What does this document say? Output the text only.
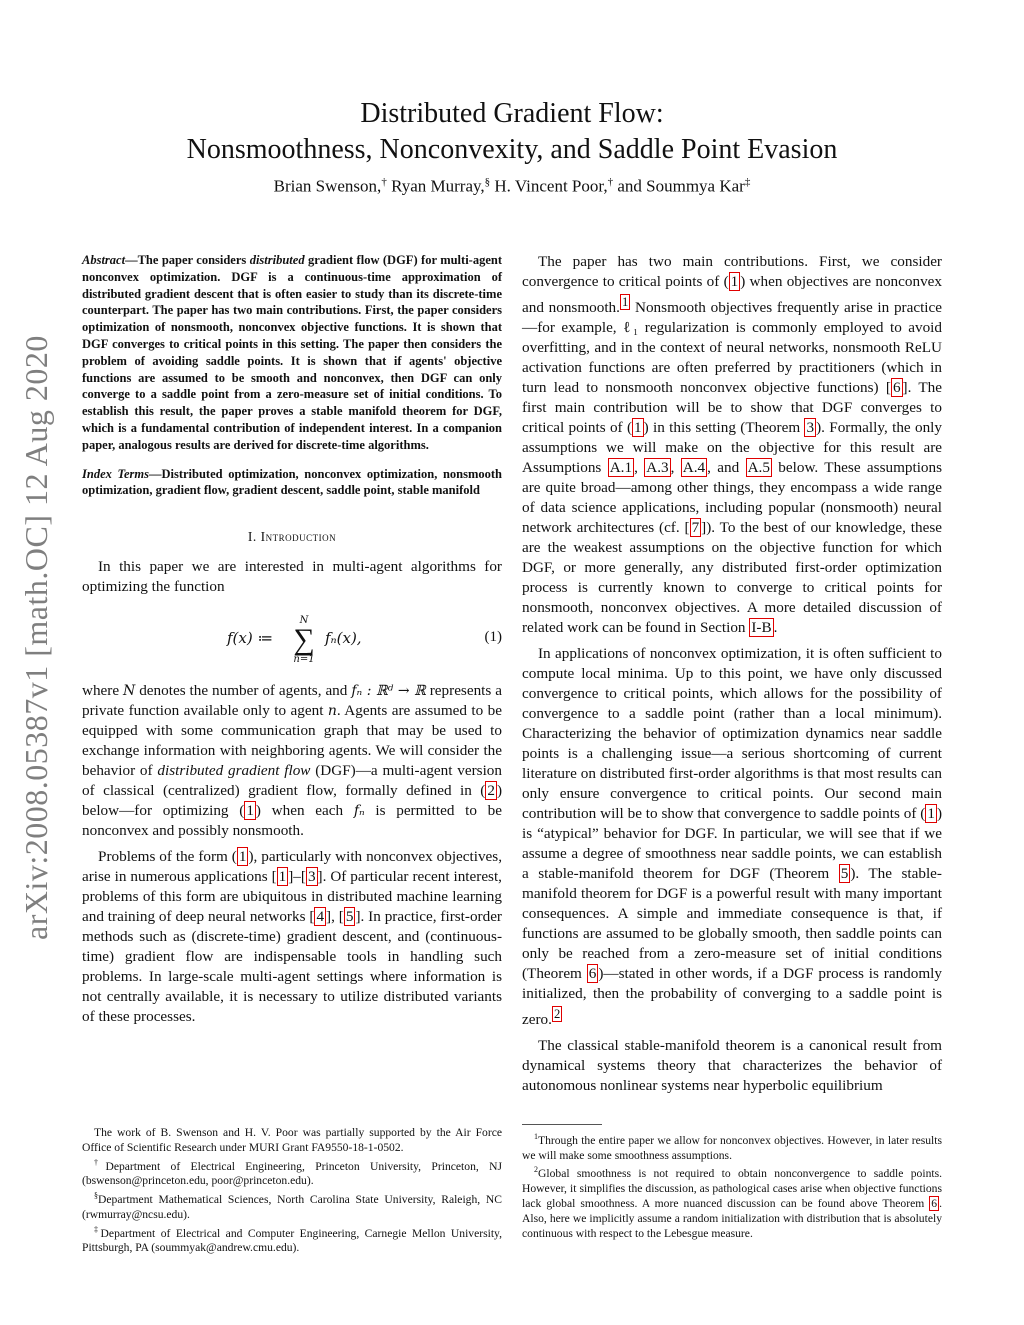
arXiv:2008.05387v1 [math.OC] 12 Aug 2020
Distributed Gradient Flow:
Nonsmoothness, Nonconvexity, and Saddle Point Evasion
Brian Swenson,† Ryan Murray,§ H. Vincent Poor,† and Soummya Kar‡
Abstract—The paper considers distributed gradient flow (DGF) for multi-agent nonconvex optimization. DGF is a continuous-time approximation of distributed gradient descent that is often easier to study than its discrete-time counterpart. The paper has two main contributions. First, the paper considers optimization of nonsmooth, nonconvex objective functions. It is shown that DGF converges to critical points in this setting. The paper then considers the problem of avoiding saddle points. It is shown that if agents' objective functions are assumed to be smooth and nonconvex, then DGF can only converge to a saddle point from a zero-measure set of initial conditions. To establish this result, the paper proves a stable manifold theorem for DGF, which is a fundamental contribution of independent interest. In a companion paper, analogous results are derived for discrete-time algorithms.
Index Terms—Distributed optimization, nonconvex optimization, nonsmooth optimization, gradient flow, gradient descent, saddle point, stable manifold
I. Introduction

In this paper we are interested in multi-agent algorithms for optimizing the function

f(x) ≔
N
∑
n=1
fₙ(x),	(1)

where N denotes the number of agents, and fₙ : ℝᵈ → ℝ represents a private function available only to agent n. Agents are assumed to be equipped with some communication graph that may be used to exchange information with neighboring agents. We will consider the behavior of distributed gradient flow (DGF)—a multi-agent version of classical (centralized) gradient flow, formally defined in ( 2 ) below—for optimizing ( 1 ) when each fₙ is permitted to be nonconvex and possibly nonsmooth.

Problems of the form ( 1 ), particularly with nonconvex objectives, arise in numerous applications [ 1 ]–[ 3 ]. Of particular recent interest, problems of this form are ubiquitous in distributed machine learning and training of deep neural networks [ 4 ], [ 5 ]. In practice, first-order methods such as (discrete-time) gradient descent, and (continuous-time) gradient flow are indispensable tools in handling such problems. In large-scale multi-agent settings where information is not centrally available, it is necessary to utilize distributed variants of these processes.

The paper has two main contributions. First, we consider convergence to critical points of ( 1 ) when objectives are nonconvex and nonsmooth. $^1$ Nonsmooth objectives frequently arise in practice—for example, ℓ₁ regularization is commonly employed to avoid overfitting, and in the context of neural networks, nonsmooth ReLU activation functions are often preferred by practitioners (which in turn lead to nonsmooth nonconvex objective functions) [ 6 ]. The first main contribution will be to show that DGF converges to critical points of ( 1 ) in this setting (Theorem 3 ). Formally, the only assumptions we will make on the objective for this result are Assumptions A.1 , A.3 , A.4 , and A.5 below. These assumptions are quite broad—among other things, they encompass a wide range of data science applications, including popular (nonsmooth) neural network architectures (cf. [ 7 ]). To the best of our knowledge, these are the weakest assumptions on the objective function for which DGF, or more generally, any distributed first-order optimization process is currently known to converge to critical points for nonsmooth, nonconvex objectives. A more detailed discussion of related work can be found in Section I-B .

In applications of nonconvex optimization, it is often sufficient to compute local minima. Up to this point, we have only discussed convergence to critical points, which allows for the possibility of convergence to a saddle point (rather than a local minimum). Characterizing the behavior of optimization dynamics near saddle points is a challenging issue—a serious shortcoming of current literature on distributed first-order algorithms is that most results can only ensure convergence to critical points. Our second main contribution will be to show that convergence to saddle points of ( 1 ) is “atypical” behavior for DGF. In particular, we will see that if we assume a degree of smoothness near saddle points, we can establish a stable-manifold theorem for DGF (Theorem 5 ). The stable-manifold theorem for DGF is a powerful result with many important consequences. A simple and immediate consequence is that, if functions are assumed to be globally smooth, then saddle points can only be reached from a zero-measure set of initial conditions (Theorem 6 )—stated in other words, if a DGF process is randomly initialized, then the probability of converging to a saddle point is zero. $^2$

The classical stable-manifold theorem is a canonical result from dynamical systems theory that characterizes the behavior of autonomous nonlinear systems near hyperbolic equilibrium

The work of B. Swenson and H. V. Poor was partially supported by the Air Force Office of Scientific Research under MURI Grant FA9550-18-1-0502.

†Department of Electrical Engineering, Princeton University, Princeton, NJ (bswenson@princeton.edu, poor@princeton.edu).

§Department Mathematical Sciences, North Carolina State University, Raleigh, NC (rwmurray@ncsu.edu).

‡Department of Electrical and Computer Engineering, Carnegie Mellon University, Pittsburgh, PA (soummyak@andrew.cmu.edu).

$^1$Through the entire paper we allow for nonconvex objectives. However, in later results we will make some smoothness assumptions.

$^2$Global smoothness is not required to obtain nonconvergence to saddle points. However, it simplifies the discussion, as pathological cases arise when objective functions lack global smoothness. A more nuanced discussion can be found above Theorem 6 . Also, here we implicitly assume a random initialization with distribution that is absolutely continuous with respect to the Lebesgue measure.
